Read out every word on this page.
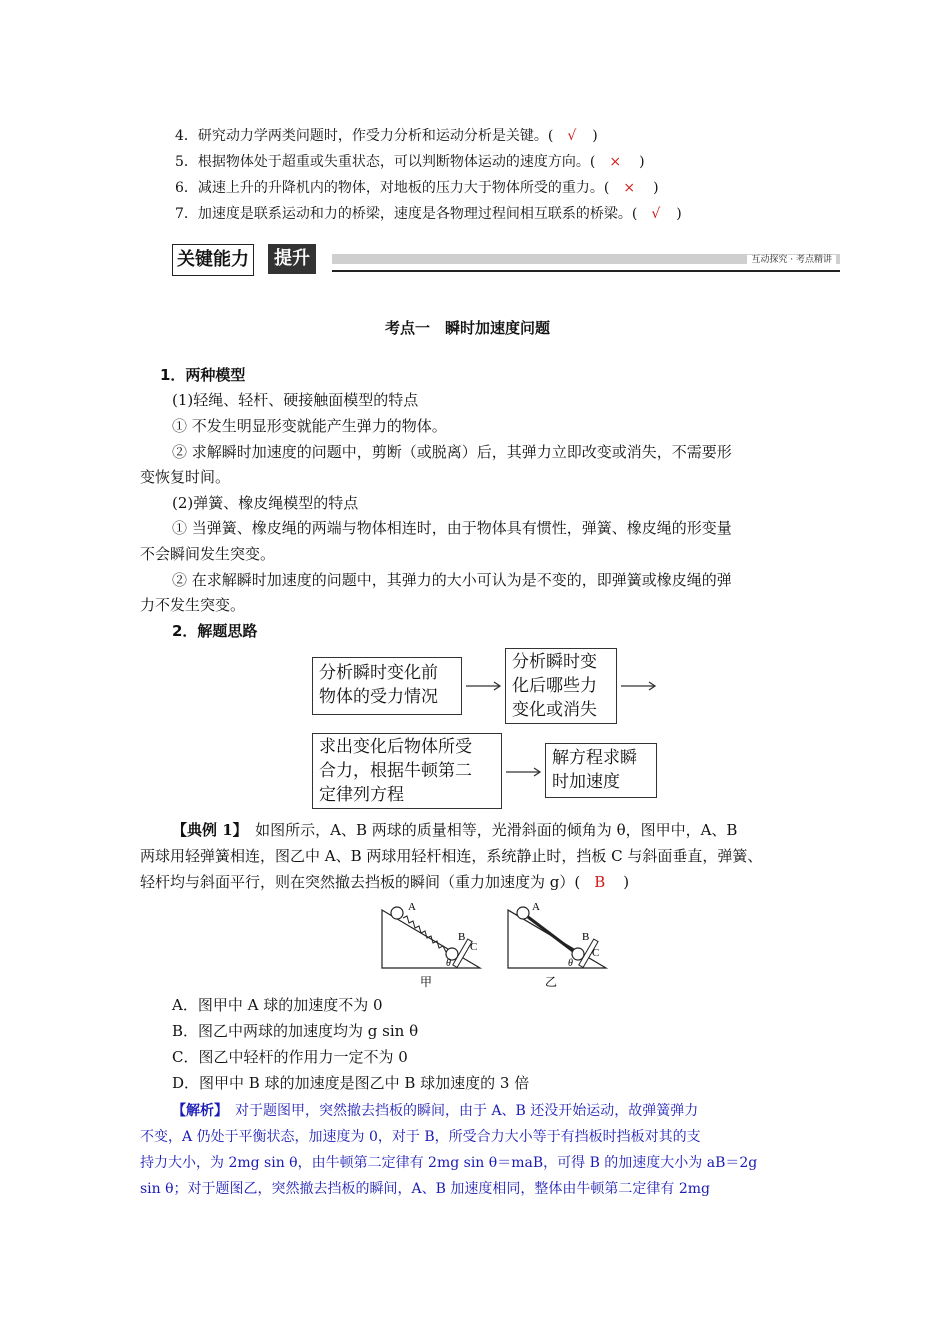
4．研究动力学两类问题时，作受力分析和运动分析是关键。( √ )
5．根据物体处于超重或失重状态，可以判断物体运动的速度方向。( × )
6．减速上升的升降机内的物体，对地板的压力大于物体所受的重力。( × )
7．加速度是联系运动和力的桥梁，速度是各物理过程间相互联系的桥梁。( √ )
关键能力	提升	互动探究 · 考点精讲
考点一　瞬时加速度问题
1．两种模型
(1)轻绳、轻杆、硬接触面模型的特点
① 不发生明显形变就能产生弹力的物体。
② 求解瞬时加速度的问题中，剪断（或脱离）后，其弹力立即改变或消失，不需要形
变恢复时间。
(2)弹簧、橡皮绳模型的特点
① 当弹簧、橡皮绳的两端与物体相连时，由于物体具有惯性，弹簧、橡皮绳的形变量
不会瞬间发生突变。
② 在求解瞬时加速度的问题中，其弹力的大小可认为是不变的，即弹簧或橡皮绳的弹
力不发生突变。
2．解题思路
分析瞬时变化前
物体的受力情况
分析瞬时变
化后哪些力
变化或消失
求出变化后物体所受
合力，根据牛顿第二
定律列方程
解方程求瞬
时加速度
【典例 1】　如图所示，A、B 两球的质量相等，光滑斜面的倾角为 θ，图甲中，A、B
两球用轻弹簧相连，图乙中 A、B 两球用轻杆相连，系统静止时，挡板 C 与斜面垂直，弹簧、
轻杆均与斜面平行，则在突然撤去挡板的瞬间（重力加速度为 g）( B )
A
B
C
θ
甲
A
B
C
θ
乙
A．图甲中 A 球的加速度不为 0
B．图乙中两球的加速度均为 g sin θ
C．图乙中轻杆的作用力一定不为 0
D．图甲中 B 球的加速度是图乙中 B 球加速度的 3 倍
【解析】　对于题图甲，突然撤去挡板的瞬间，由于 A、B 还没开始运动，故弹簧弹力
不变，A 仍处于平衡状态，加速度为 0，对于 B，所受合力大小等于有挡板时挡板对其的支
持力大小，为 2mg sin θ，由牛顿第二定律有 2mg sin θ＝maB，可得 B 的加速度大小为 aB＝2g
sin θ；对于题图乙，突然撤去挡板的瞬间，A、B 加速度相同，整体由牛顿第二定律有 2mg
